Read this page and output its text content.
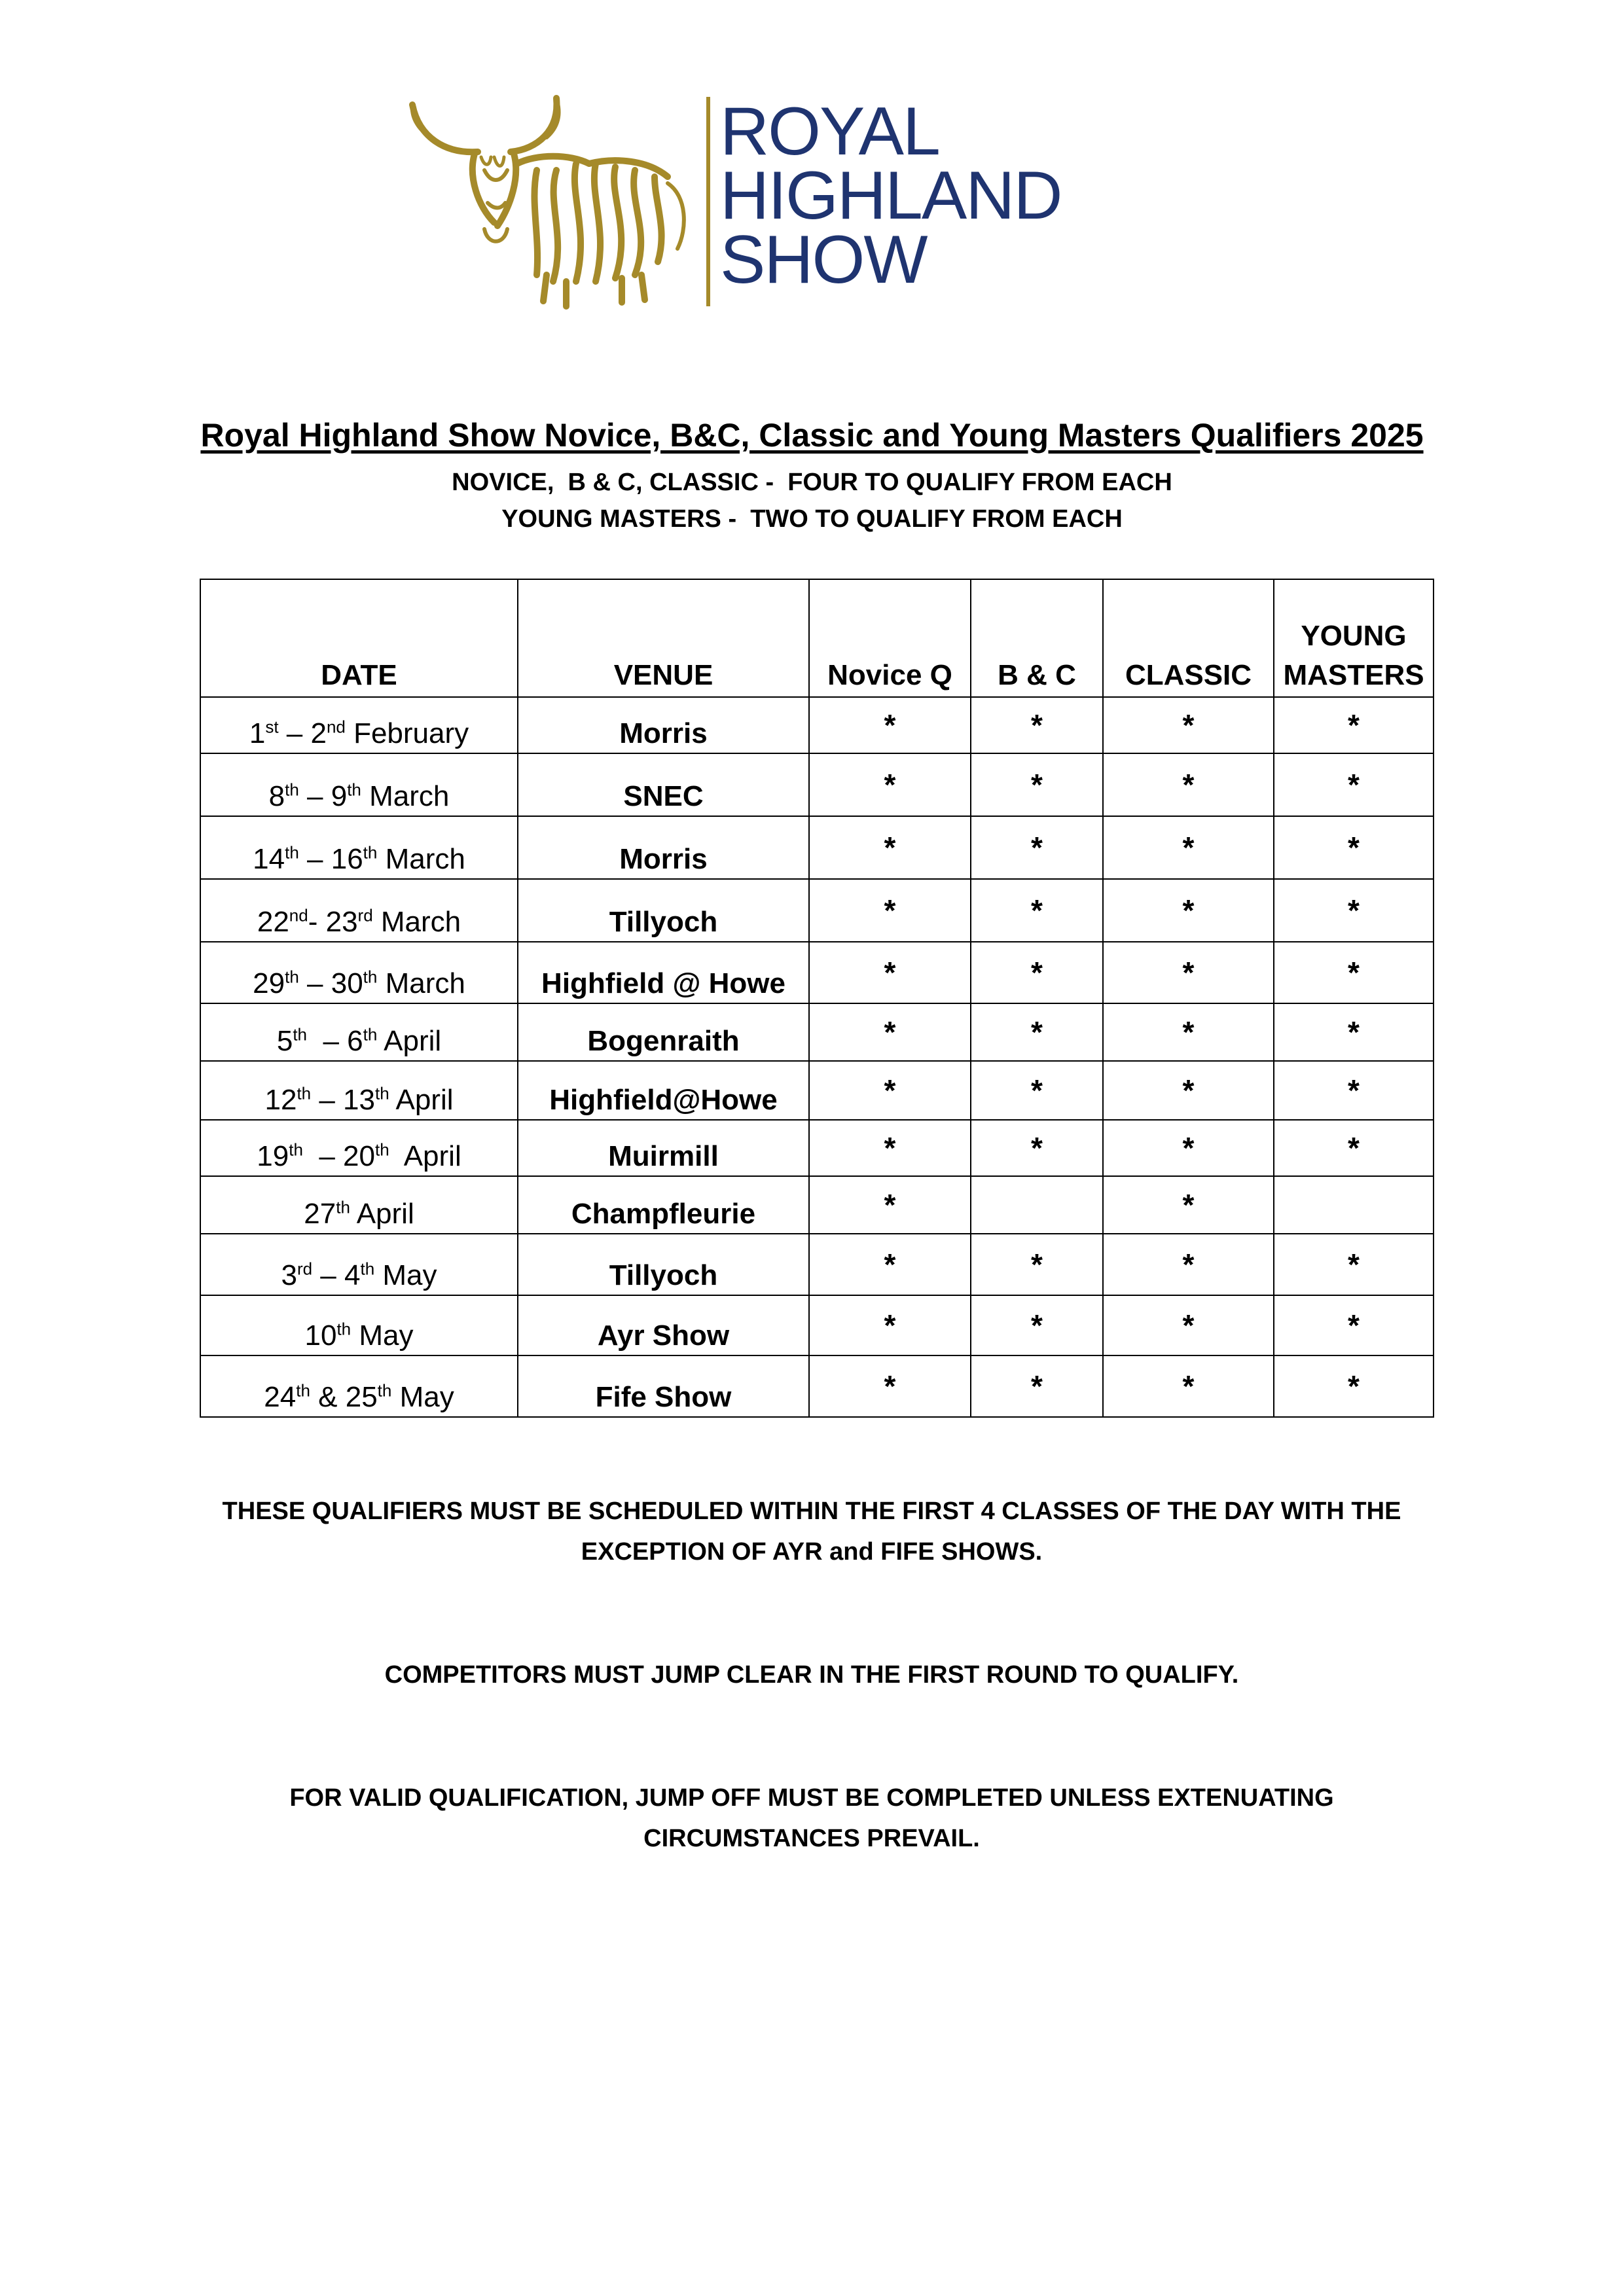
ROYAL
HIGHLAND
SHOW
Royal Highland Show Novice, B&C, Classic and Young Masters Qualifiers 2025
NOVICE,  B & C, CLASSIC -  FOUR TO QUALIFY FROM EACH
YOUNG MASTERS -  TWO TO QUALIFY FROM EACH
DATE	VENUE	Novice Q	B & C	CLASSIC	YOUNG
MASTERS

1st – 2nd February	Morris	*	*	*	*
8th – 9th March	SNEC	*	*	*	*
14th – 16th March	Morris	*	*	*	*
22nd- 23rd March	Tillyoch	*	*	*	*
29th – 30th March	Highfield @ Howe	*	*	*	*
5th  – 6th April	Bogenraith	*	*	*	*
12th – 13th April	Highfield@Howe	*	*	*	*
19th  – 20th  April	Muirmill	*	*	*	*
27th April	Champfleurie	*		*	
3rd – 4th May	Tillyoch	*	*	*	*
10th May	Ayr Show	*	*	*	*
24th & 25th May	Fife Show	*	*	*	*
THESE QUALIFIERS MUST BE SCHEDULED WITHIN THE FIRST 4 CLASSES OF THE DAY WITH THE
EXCEPTION OF AYR and FIFE SHOWS.
COMPETITORS MUST JUMP CLEAR IN THE FIRST ROUND TO QUALIFY.
FOR VALID QUALIFICATION, JUMP OFF MUST BE COMPLETED UNLESS EXTENUATING
CIRCUMSTANCES PREVAIL.
